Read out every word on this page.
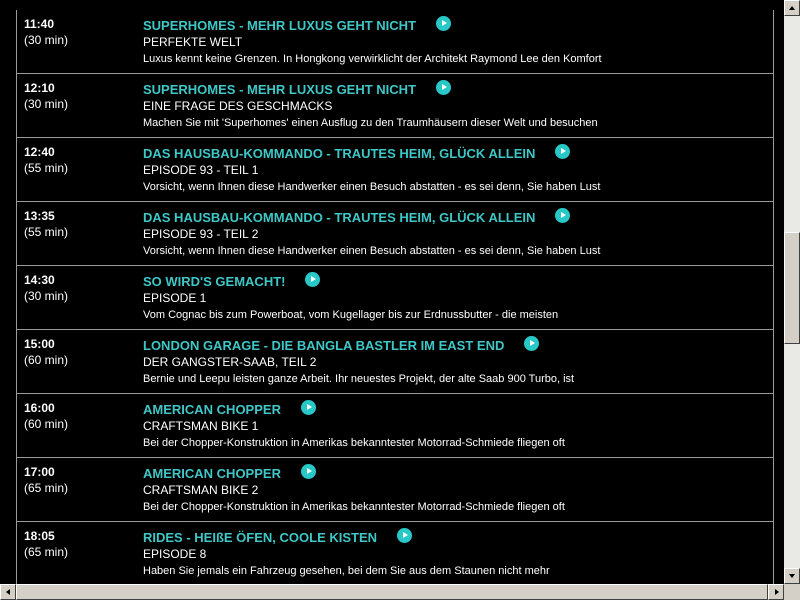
11:40
(30 min)
SUPERHOMES - MEHR LUXUS GEHT NICHT
PERFEKTE WELT
Luxus kennt keine Grenzen. In Hongkong verwirklicht der Architekt Raymond Lee den Komfort
12:10
(30 min)
SUPERHOMES - MEHR LUXUS GEHT NICHT
EINE FRAGE DES GESCHMACKS
Machen Sie mit 'Superhomes' einen Ausflug zu den Traumhäusern dieser Welt und besuchen
12:40
(55 min)
DAS HAUSBAU-KOMMANDO - TRAUTES HEIM, GLÜCK ALLEIN
EPISODE 93 - TEIL 1
Vorsicht, wenn Ihnen diese Handwerker einen Besuch abstatten - es sei denn, Sie haben Lust
13:35
(55 min)
DAS HAUSBAU-KOMMANDO - TRAUTES HEIM, GLÜCK ALLEIN
EPISODE 93 - TEIL 2
Vorsicht, wenn Ihnen diese Handwerker einen Besuch abstatten - es sei denn, Sie haben Lust
14:30
(30 min)
SO WIRD'S GEMACHT!
EPISODE 1
Vom Cognac bis zum Powerboat, vom Kugellager bis zur Erdnussbutter - die meisten
15:00
(60 min)
LONDON GARAGE - DIE BANGLA BASTLER IM EAST END
DER GANGSTER-SAAB, TEIL 2
Bernie und Leepu leisten ganze Arbeit. Ihr neuestes Projekt, der alte Saab 900 Turbo, ist
16:00
(60 min)
AMERICAN CHOPPER
CRAFTSMAN BIKE 1
Bei der Chopper-Konstruktion in Amerikas bekanntester Motorrad-Schmiede fliegen oft
17:00
(65 min)
AMERICAN CHOPPER
CRAFTSMAN BIKE 2
Bei der Chopper-Konstruktion in Amerikas bekanntester Motorrad-Schmiede fliegen oft
18:05
(65 min)
RIDES - HEIßE ÖFEN, COOLE KISTEN
EPISODE 8
Haben Sie jemals ein Fahrzeug gesehen, bei dem Sie aus dem Staunen nicht mehr
